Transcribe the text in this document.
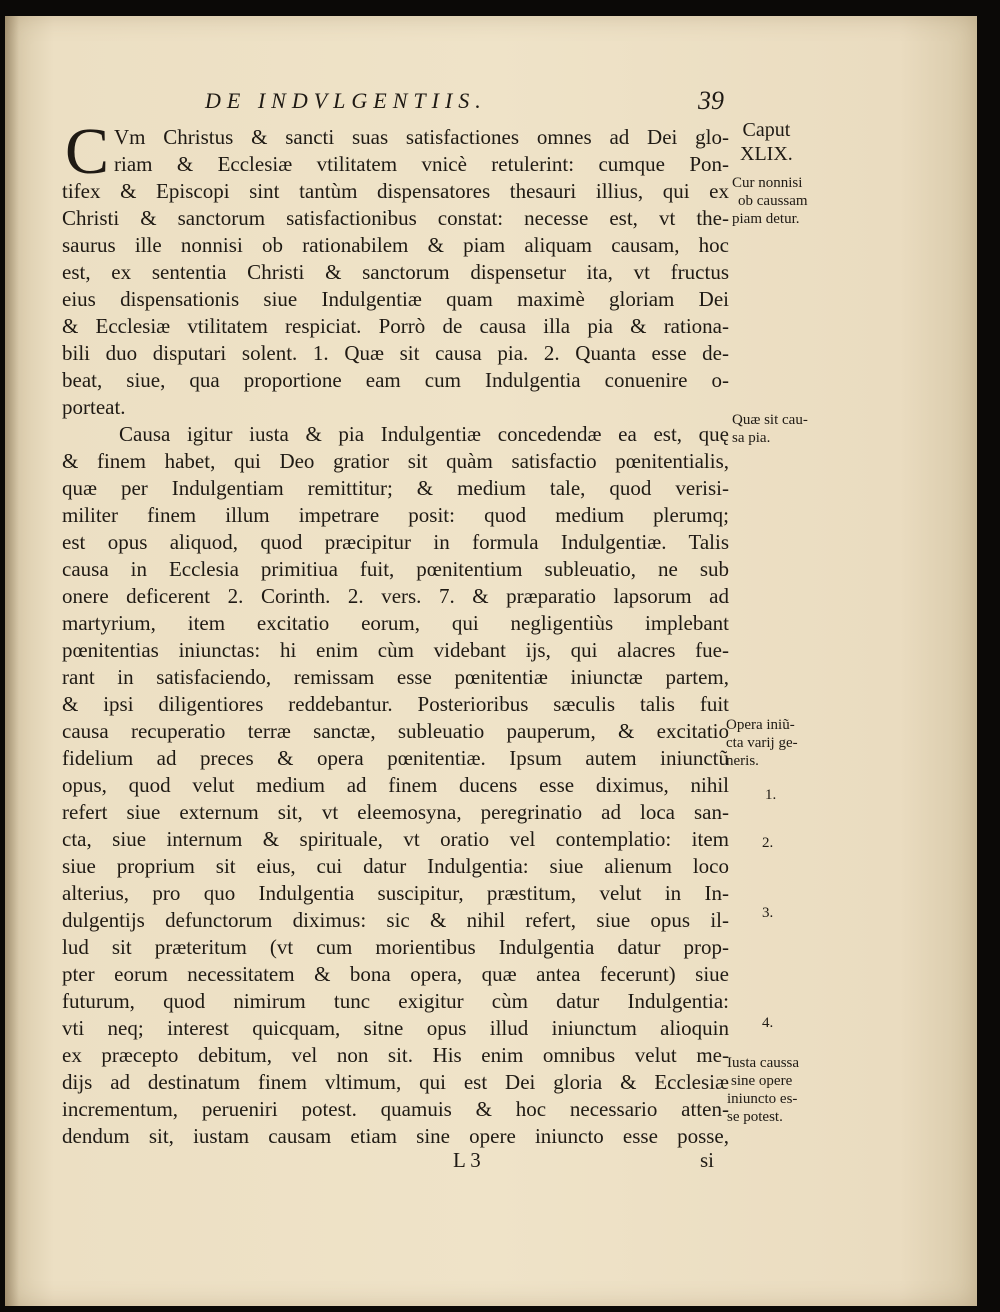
DE INDVLGENTIIS.	39
C Vm Christus & sancti suas satisfactiones omnes ad Dei glo-
riam & Ecclesiæ vtilitatem vnicè retulerint: cumque Pon-
tifex & Episcopi sint tantùm dispensatores thesauri illius, qui ex
Christi & sanctorum satisfactionibus constat: necesse est, vt the-
saurus ille nonnisi ob rationabilem & piam aliquam causam, hoc
est, ex sententia Christi & sanctorum dispensetur ita, vt fructus
eius dispensationis siue Indulgentiæ quam maximè gloriam Dei
& Ecclesiæ vtilitatem respiciat. Porrò de causa illa pia & rationa-
bili duo disputari solent. 1. Quæ sit causa pia. 2. Quanta esse de-
beat, siue, qua proportione eam cum Indulgentia conuenire o-
porteat.
Causa igitur iusta & pia Indulgentiæ concedendæ ea est, quę
& finem habet, qui Deo gratior sit quàm satisfactio pœnitentialis,
quæ per Indulgentiam remittitur; & medium tale, quod verisi-
militer finem illum impetrare posit: quod medium plerumq;
est opus aliquod, quod præcipitur in formula Indulgentiæ. Talis
causa in Ecclesia primitiua fuit, pœnitentium subleuatio, ne sub
onere deficerent 2. Corinth. 2. vers. 7. & præparatio lapsorum ad
martyrium, item excitatio eorum, qui negligentiùs implebant
pœnitentias iniunctas: hi enim cùm videbant ijs, qui alacres fue-
rant in satisfaciendo, remissam esse pœnitentiæ iniunctæ partem,
& ipsi diligentiores reddebantur. Posterioribus sæculis talis fuit
causa recuperatio terræ sanctæ, subleuatio pauperum, & excitatio
fidelium ad preces & opera pœnitentiæ. Ipsum autem iniunctũ
opus, quod velut medium ad finem ducens esse diximus, nihil
refert siue externum sit, vt eleemosyna, peregrinatio ad loca san-
cta, siue internum & spirituale, vt oratio vel contemplatio: item
siue proprium sit eius, cui datur Indulgentia: siue alienum loco
alterius, pro quo Indulgentia suscipitur, præstitum, velut in In-
dulgentijs defunctorum diximus: sic & nihil refert, siue opus il-
lud sit præteritum (vt cum morientibus Indulgentia datur prop-
pter eorum necessitatem & bona opera, quæ antea fecerunt) siue
futurum, quod nimirum tunc exigitur cùm datur Indulgentia:
vti neq; interest quicquam, sitne opus illud iniunctum alioquin
ex præcepto debitum, vel non sit. His enim omnibus velut me-
dijs ad destinatum finem vltimum, qui est Dei gloria & Ecclesiæ
incrementum, perueniri potest. quamuis & hoc necessario atten-
dendum sit, iustam causam etiam sine opere iniuncto esse posse,
Caput
XLIX.
Cur nonnisi
ob caussam
piam detur.
Quæ sit cau-
sa pia.
Opera iniũ-
cta varij ge-
neris.
1.
2.
3.
4.
Iusta caussa
sine opere
iniuncto es-
se potest.
L 3	si
